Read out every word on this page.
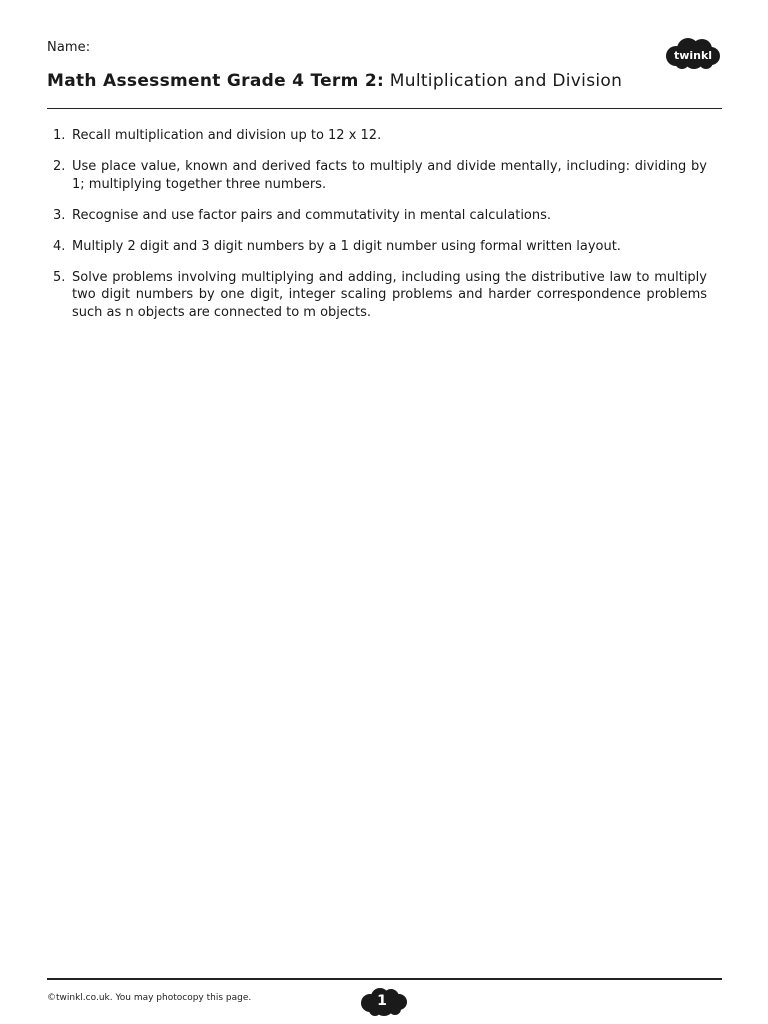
Name:
twinkl
Math Assessment Grade 4 Term 2: Multiplication and Division
1. Recall multiplication and division up to 12 x 12.
2. Use place value, known and derived facts to multiply and divide mentally, including: dividing by 1; multiplying together three numbers.
3. Recognise and use factor pairs and commutativity in mental calculations.
4. Multiply 2 digit and 3 digit numbers by a 1 digit number using formal written layout.
5. Solve problems involving multiplying and adding, including using the distributive law to multiply two digit numbers by one digit, integer scaling problems and harder correspondence problems such as n objects are connected to m objects.
©twinkl.co.uk. You may photocopy this page.	1
